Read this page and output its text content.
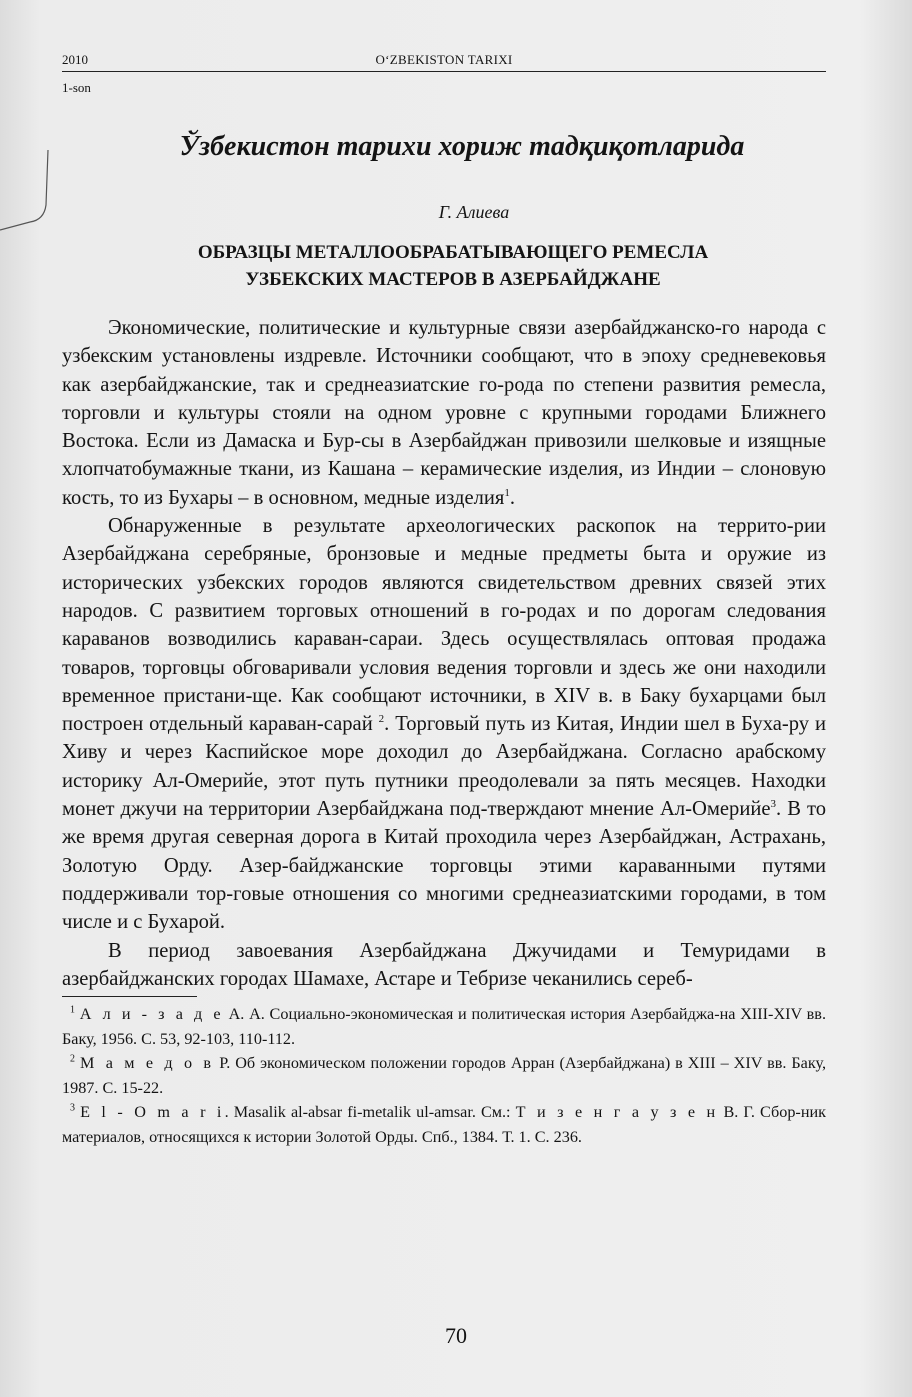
2010	O‘ZBEKISTON TARIXI
1-son
Ўзбекистон тарихи хориж тадқиқотларида
Г. Алиева
ОБРАЗЦЫ МЕТАЛЛООБРАБАТЫВАЮЩЕГО РЕМЕСЛА
УЗБЕКСКИХ МАСТЕРОВ В АЗЕРБАЙДЖАНЕ

Экономические, политические и культурные связи азербайджанско-го народа с узбекским установлены издревле. Источники сообщают, что в эпоху средневековья как азербайджанские, так и среднеазиатские го-рода по степени развития ремесла, торговли и культуры стояли на одном уровне с крупными городами Ближнего Востока. Если из Дамаска и Бур-сы в Азербайджан привозили шелковые и изящные хлопчатобумажные ткани, из Кашана – керамические изделия, из Индии – слоновую кость, то из Бухары – в основном, медные изделия$^1$.

Обнаруженные в результате археологических раскопок на террито-рии Азербайджана серебряные, бронзовые и медные предметы быта и оружие из исторических узбекских городов являются свидетельством древних связей этих народов. С развитием торговых отношений в го-родах и по дорогам следования караванов возводились караван-сараи. Здесь осуществлялась оптовая продажа товаров, торговцы обговаривали условия ведения торговли и здесь же они находили временное пристани-ще. Как сообщают источники, в XIV в. в Баку бухарцами был построен отдельный караван-сарай $^2$. Торговый путь из Китая, Индии шел в Буха-ру и Хиву и через Каспийское море доходил до Азербайджана. Согласно арабскому историку Ал-Омерийе, этот путь путники преодолевали за пять месяцев. Находки монет джучи на территории Азербайджана под-тверждают мнение Ал-Омерийе$^3$. В то же время другая северная дорога в Китай проходила через Азербайджан, Астрахань, Золотую Орду. Азер-байджанские торговцы этими караванными путями поддерживали тор-говые отношения со многими среднеазиатскими городами, в том числе и с Бухарой.

В период завоевания Азербайджана Джучидами и Темуридами в азербайджанских городах Шамахе, Астаре и Тебризе чеканились сереб-

$^1$ А л и - з а д е А. А. Социально-экономическая и политическая история Азербайджа-на XIII-XIV вв. Баку, 1956. С. 53, 92-103, 110-112.

$^2$ М а м е д о в Р. Об экономическом положении городов Арран (Азербайджана) в XIII – XIV вв. Баку, 1987. С. 15-22.

$^3$ E l - O m a r i. Masalik al-absar fi-metalik ul-amsar. См.: Т и з е н г а у з е н В. Г. Сбор-ник материалов, относящихся к истории Золотой Орды. Спб., 1384. Т. 1. С. 236.

70
